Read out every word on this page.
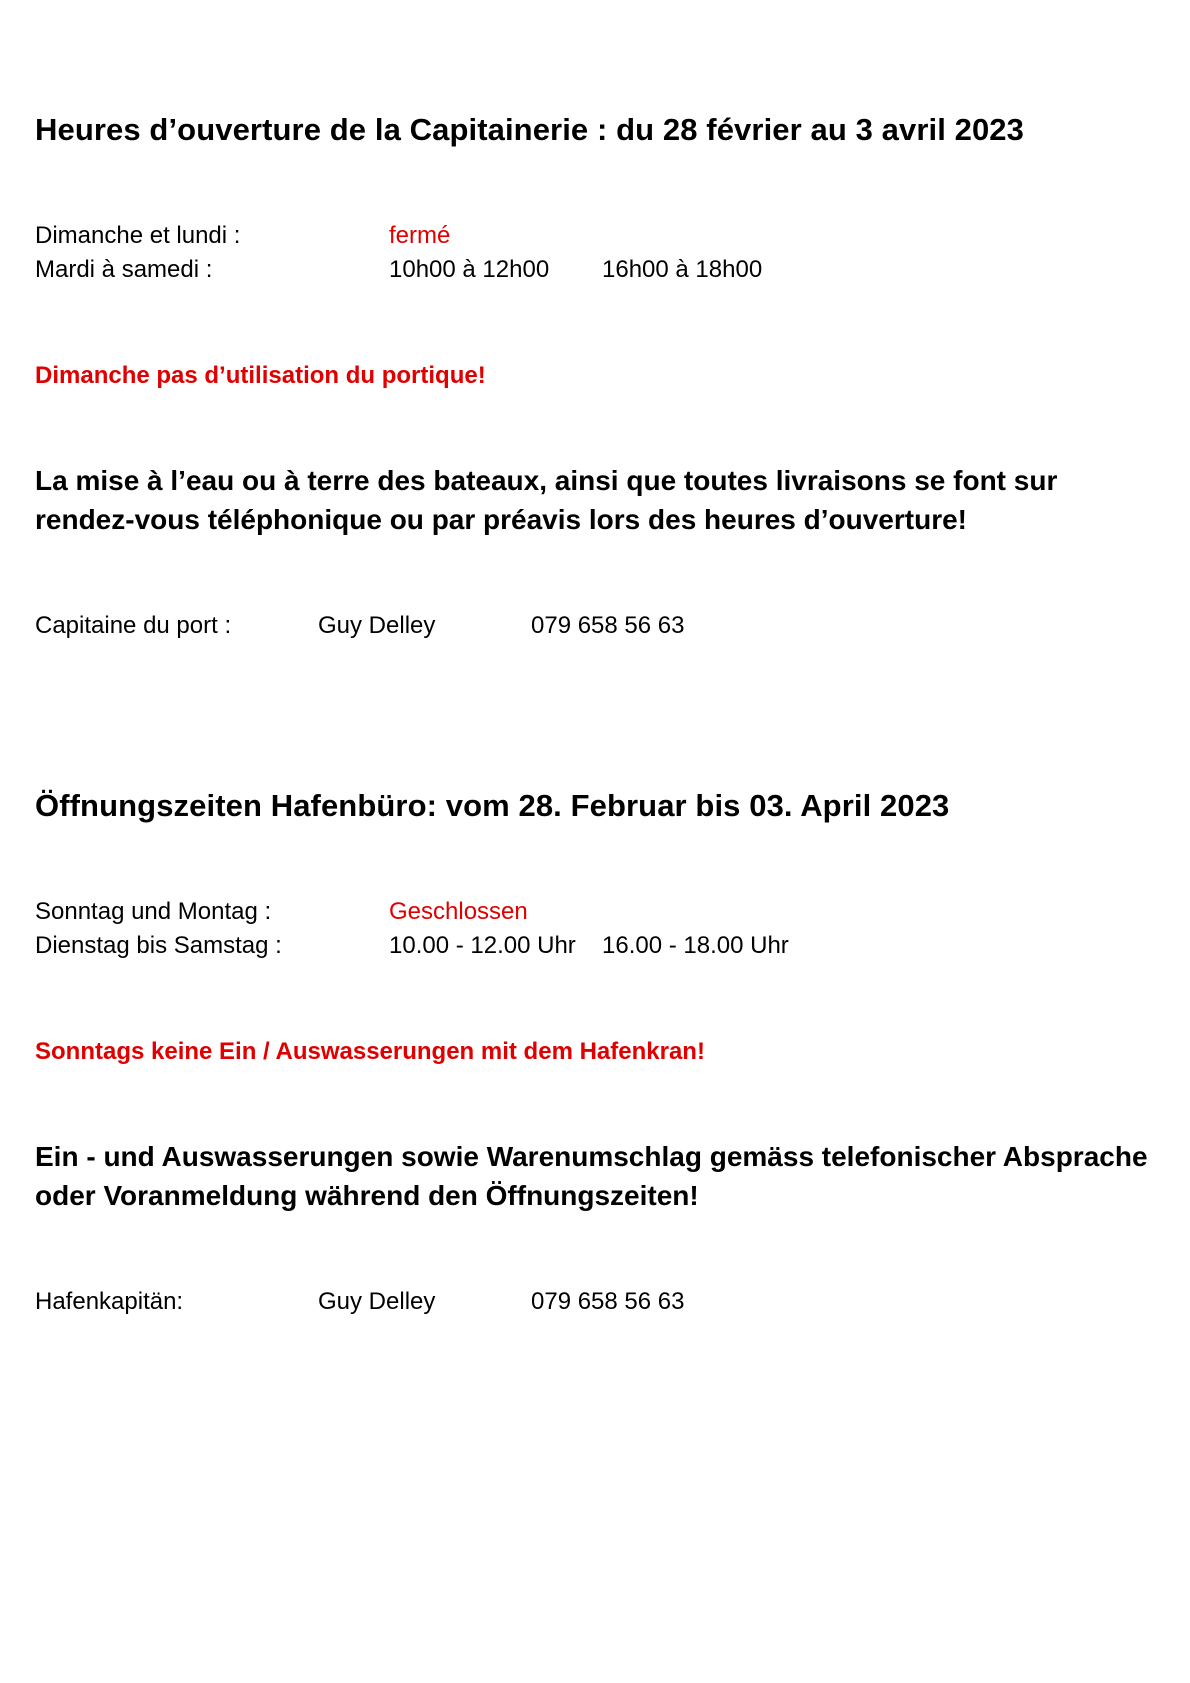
Heures d’ouverture de la Capitainerie : du 28 février au 3 avril 2023
Dimanche et lundi :	fermé
Mardi à samedi :	10h00 à 12h00 16h00 à 18h00
Dimanche pas d’utilisation du portique!
La mise à l’eau ou à terre des bateaux, ainsi que toutes livraisons se font sur
rendez-vous téléphonique ou par préavis lors des heures d’ouverture!
Capitaine du port :	Guy Delley	079 658 56 63
Öffnungszeiten Hafenbüro: vom 28. Februar bis 03. April 2023
Sonntag und Montag :	Geschlossen
Dienstag bis Samstag :	10.00 - 12.00 Uhr 16.00 - 18.00 Uhr
Sonntags keine Ein / Auswasserungen mit dem Hafenkran!
Ein - und Auswasserungen sowie Warenumschlag gemäss telefonischer Absprache
oder Voranmeldung während den Öffnungszeiten!
Hafenkapitän:	Guy Delley	079 658 56 63
